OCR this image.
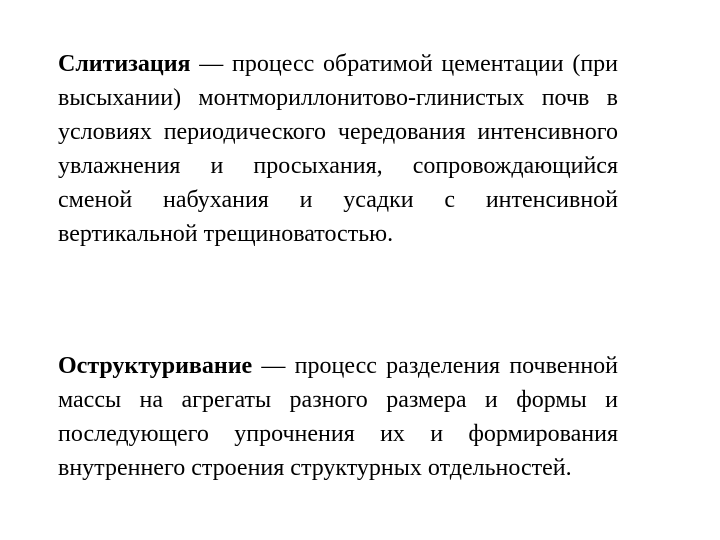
Слитизация — процесс обратимой цементации (при высыхании) монтмориллонитово-глинистых почв в условиях периодического чередования интенсивного увлажнения и просыхания, сопровождающийся сменой набухания и усадки с интенсивной вертикальной трещиноватостью.

Оструктуривание — процесс разделения почвенной массы на агрегаты разного размера и формы и последующего упрочнения их и формирования внутреннего строения структурных отдельностей.
